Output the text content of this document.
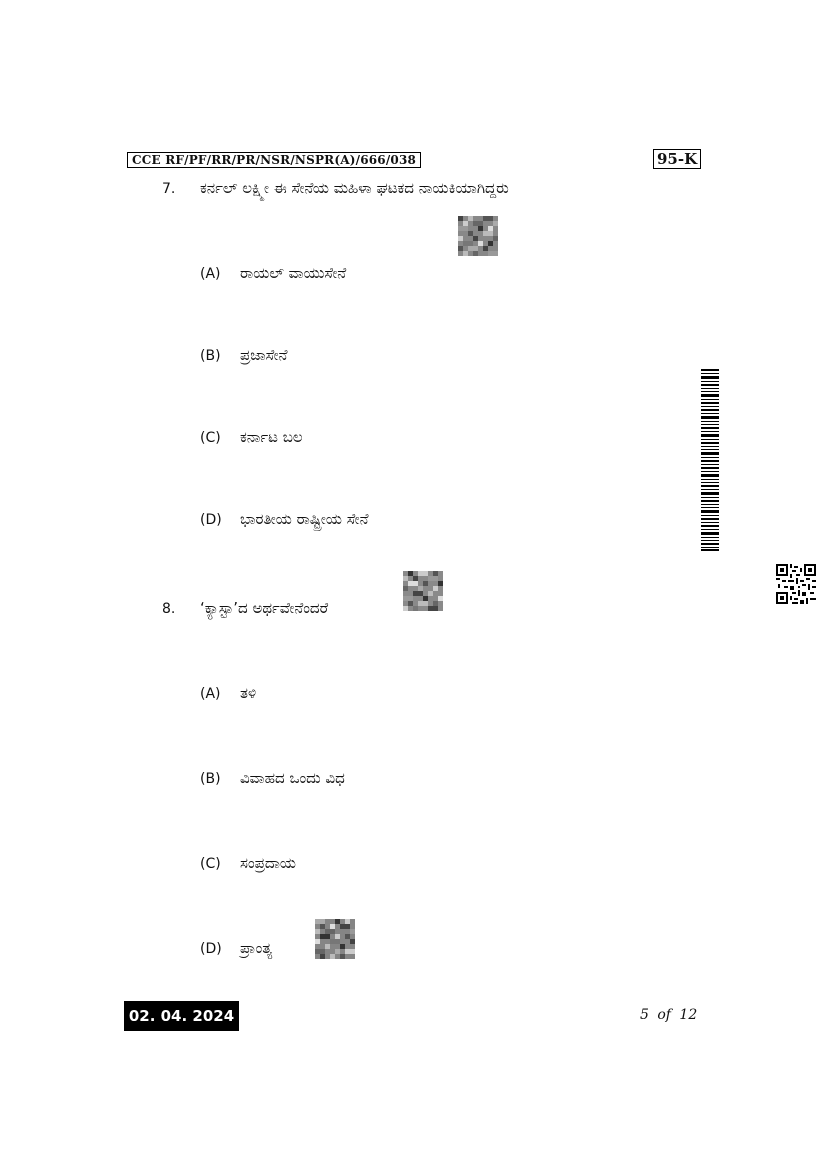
CCE RF/PF/RR/PR/NSR/NSPR(A)/666/038	95-K
7. ಕರ್ನಲ್ ಲಕ್ಷ್ಮೀ ಈ ಸೇನೆಯ ಮಹಿಳಾ ಘಟಕದ ನಾಯಕಿಯಾಗಿದ್ದರು
(A) ರಾಯಲ್ ವಾಯುಸೇನೆ
(B) ಪ್ರಜಾಸೇನೆ
(C) ಕರ್ನಾಟ ಬಲ
(D) ಭಾರತೀಯ ರಾಷ್ಟ್ರೀಯ ಸೇನೆ
8. ‘ಕ್ಯಾಸ್ಟಾ’ದ ಅರ್ಥವೇನೆಂದರೆ
(A) ತಳಿ
(B) ವಿವಾಹದ ಒಂದು ವಿಧ
(C) ಸಂಪ್ರದಾಯ
(D) ಪ್ರಾಂತ್ಯ
02. 04. 2024	5 of 12
